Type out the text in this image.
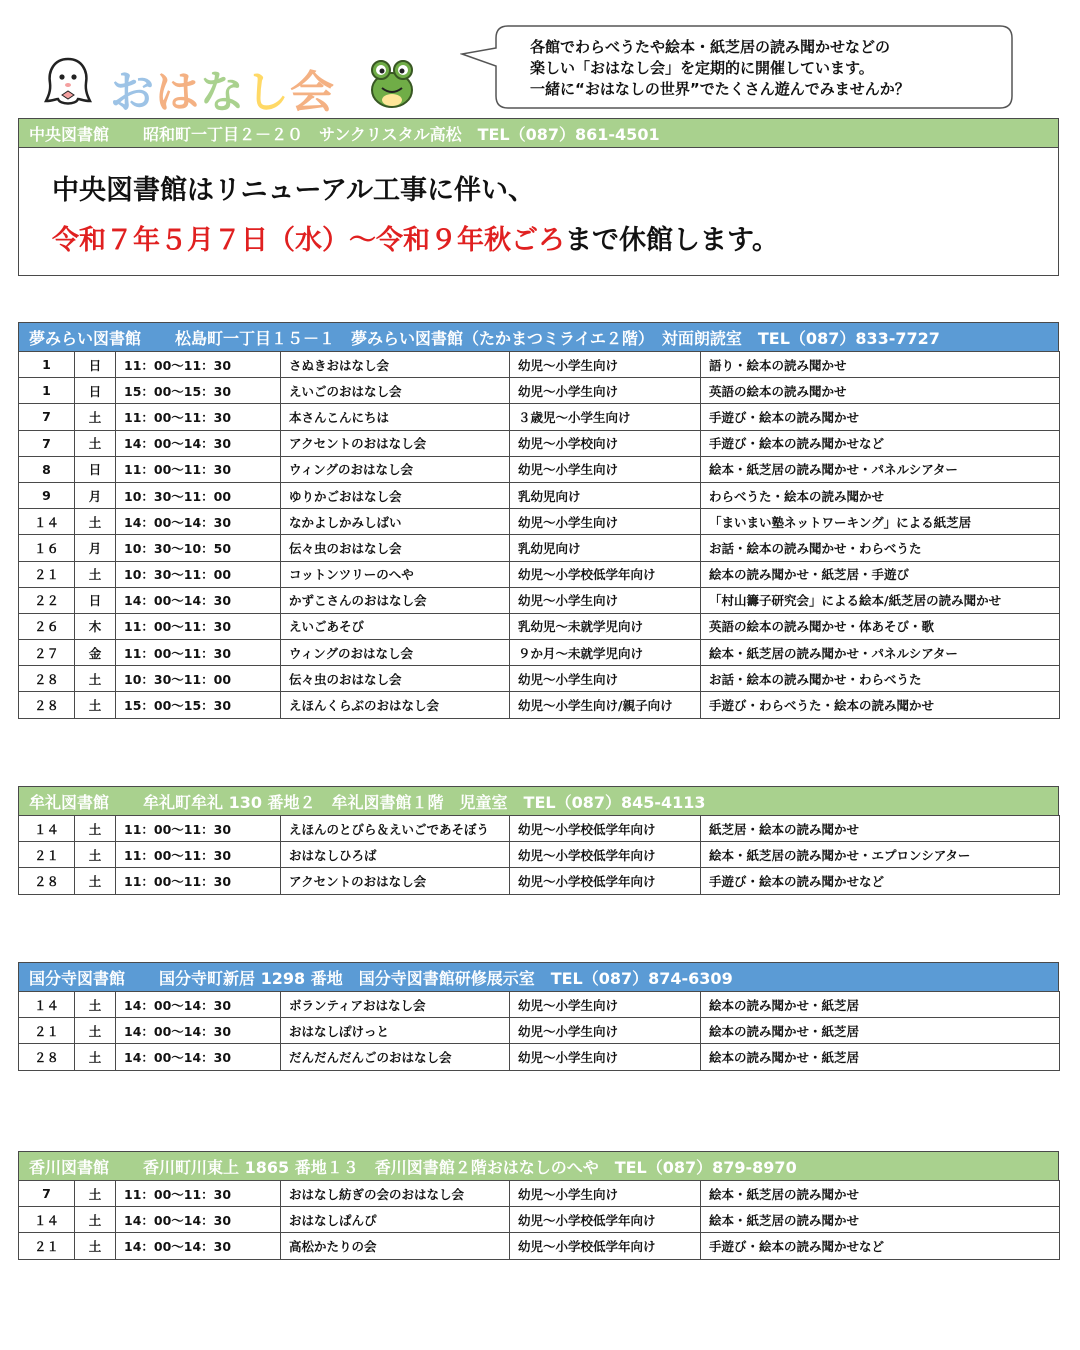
おはなし会
各館でわらべうたや絵本・紙芝居の読み聞かせなどの
楽しい「おはなし会」を定期的に開催しています。
一緒に“おはなしの世界”でたくさん遊んでみませんか？
中央図書館 昭和町一丁目２－２０　サンクリスタル高松　TEL（087）861-4501
中央図書館はリニューアル工事に伴い、
令和７年５月７日（水）～令和９年秋ごろまで休館します。
夢みらい図書館 松島町一丁目１５－１　夢みらい図書館（たかまつミライエ２階）　対面朗読室　TEL（087）833-7727
1	日	11：00～11：30	さぬきおはなし会	幼児～小学生向け	語り・絵本の読み聞かせ
1	日	15：00～15：30	えいごのおはなし会	幼児～小学生向け	英語の絵本の読み聞かせ
7	土	11：00～11：30	本さんこんにちは	３歳児～小学生向け	手遊び・絵本の読み聞かせ
7	土	14：00～14：30	アクセントのおはなし会	幼児～小学校向け	手遊び・絵本の読み聞かせなど
8	日	11：00～11：30	ウィングのおはなし会	幼児～小学生向け	絵本・紙芝居の読み聞かせ・パネルシアター
9	月	10：30～11：00	ゆりかごおはなし会	乳幼児向け	わらべうた・絵本の読み聞かせ
１４	土	14：00～14：30	なかよしかみしばい	幼児～小学生向け	「まいまい塾ネットワーキング」による紙芝居
１６	月	10：30～10：50	伝々虫のおはなし会	乳幼児向け	お話・絵本の読み聞かせ・わらべうた
２１	土	10：30～11：00	コットンツリーのへや	幼児～小学校低学年向け	絵本の読み聞かせ・紙芝居・手遊び
２２	日	14：00～14：30	かずこさんのおはなし会	幼児～小学生向け	「村山籌子研究会」による絵本/紙芝居の読み聞かせ
２６	木	11：00～11：30	えいごあそび	乳幼児～未就学児向け	英語の絵本の読み聞かせ・体あそび・歌
２７	金	11：00～11：30	ウィングのおはなし会	９か月～未就学児向け	絵本・紙芝居の読み聞かせ・パネルシアター
２８	土	10：30～11：00	伝々虫のおはなし会	幼児～小学生向け	お話・絵本の読み聞かせ・わらべうた
２８	土	15：00～15：30	えほんくらぶのおはなし会	幼児～小学生向け/親子向け	手遊び・わらべうた・絵本の読み聞かせ
牟礼図書館 牟礼町牟礼 130 番地２　牟礼図書館１階　児童室　TEL（087）845-4113
１４	土	11：00～11：30	えほんのとびら＆えいごであそぼう	幼児～小学校低学年向け	紙芝居・絵本の読み聞かせ
２１	土	11：00～11：30	おはなしひろば	幼児～小学校低学年向け	絵本・紙芝居の読み聞かせ・エプロンシアター
２８	土	11：00～11：30	アクセントのおはなし会	幼児～小学校低学年向け	手遊び・絵本の読み聞かせなど
国分寺図書館 国分寺町新居 1298 番地　国分寺図書館研修展示室　TEL（087）874-6309
１４	土	14：00～14：30	ボランティアおはなし会	幼児～小学生向け	絵本の読み聞かせ・紙芝居
２１	土	14：00～14：30	おはなしぽけっと	幼児～小学生向け	絵本の読み聞かせ・紙芝居
２８	土	14：00～14：30	だんだんだんごのおはなし会	幼児～小学生向け	絵本の読み聞かせ・紙芝居
香川図書館 香川町川東上 1865 番地１３　香川図書館２階おはなしのへや　TEL（087）879-8970
7	土	11：00～11：30	おはなし紡ぎの会のおはなし会	幼児～小学生向け	絵本・紙芝居の読み聞かせ
１４	土	14：00～14：30	おはなしぱんぴ	幼児～小学校低学年向け	絵本・紙芝居の読み聞かせ
２１	土	14：00～14：30	高松かたりの会	幼児～小学校低学年向け	手遊び・絵本の読み聞かせなど
